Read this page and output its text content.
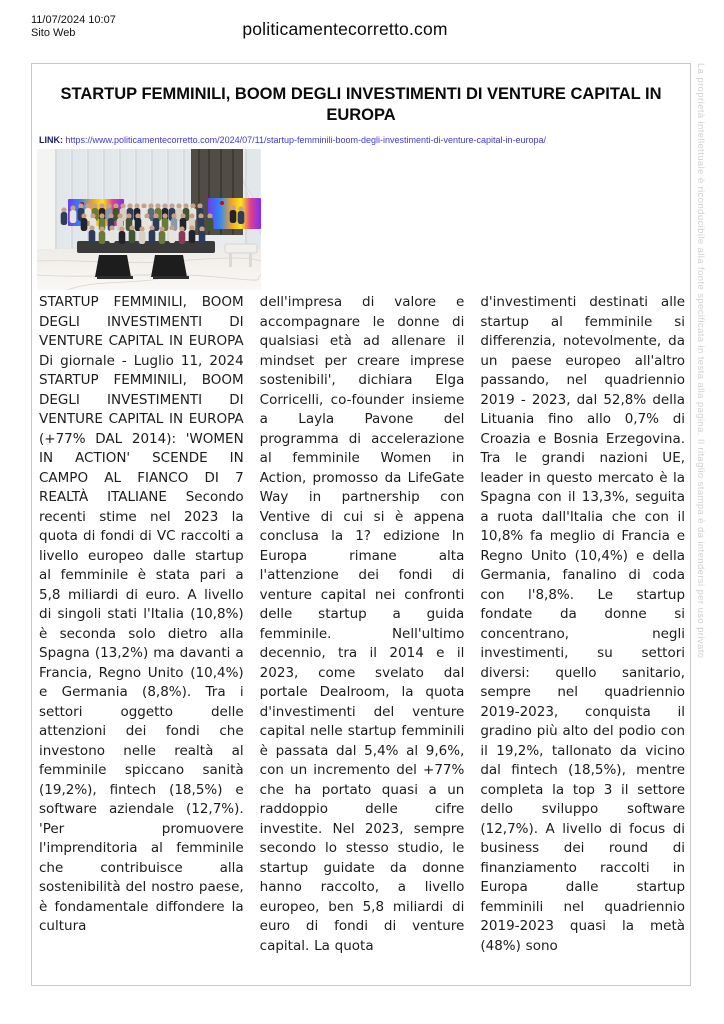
11/07/2024 10:07
Sito Web	politicamentecorretto.com
STARTUP FEMMINILI, BOOM DEGLI INVESTIMENTI DI VENTURE CAPITAL IN EUROPA
LINK: https://www.politicamentecorretto.com/2024/07/11/startup-femminili-boom-degli-investimenti-di-venture-capital-in-europa/
STARTUP FEMMINILI, BOOM DEGLI INVESTIMENTI DI VENTURE CAPITAL IN EUROPA Di giornale - Luglio 11, 2024 STARTUP FEMMINILI, BOOM DEGLI INVESTIMENTI DI VENTURE CAPITAL IN EUROPA (+77% DAL 2014): 'WOMEN IN ACTION' SCENDE IN CAMPO AL FIANCO DI 7 REALTÀ ITALIANE Secondo recenti stime nel 2023 la quota di fondi di VC raccolti a livello europeo dalle startup al femminile è stata pari a 5,8 miliardi di euro. A livello di singoli stati l'Italia (10,8%) è seconda solo dietro alla Spagna (13,2%) ma davanti a Francia, Regno Unito (10,4%) e Germania (8,8%). Tra i settori oggetto delle attenzioni dei fondi che investono nelle realtà al femminile spiccano sanità (19,2%), fintech (18,5%) e software aziendale (12,7%). 'Per promuovere l'imprenditoria al femminile che contribuisce alla sostenibilità del nostro paese, è fondamentale diffondere la cultura
dell'impresa di valore e accompagnare le donne di qualsiasi età ad allenare il mindset per creare imprese sostenibili', dichiara Elga Corricelli, co-founder insieme a Layla Pavone del programma di accelerazione al femminile Women in Action, promosso da LifeGate Way in partnership con Ventive di cui si è appena conclusa la 1? edizione In Europa rimane alta l'attenzione dei fondi di venture capital nei confronti delle startup a guida femminile. Nell'ultimo decennio, tra il 2014 e il 2023, come svelato dal portale Dealroom, la quota d'investimenti del venture capital nelle startup femminili è passata dal 5,4% al 9,6%, con un incremento del +77% che ha portato quasi a un raddoppio delle cifre investite. Nel 2023, sempre secondo lo stesso studio, le startup guidate da donne hanno raccolto, a livello europeo, ben 5,8 miliardi di euro di fondi di venture capital. La quota
d'investimenti destinati alle startup al femminile si differenzia, notevolmente, da un paese europeo all'altro passando, nel quadriennio 2019 - 2023, dal 52,8% della Lituania fino allo 0,7% di Croazia e Bosnia Erzegovina. Tra le grandi nazioni UE, leader in questo mercato è la Spagna con il 13,3%, seguita a ruota dall'Italia che con il 10,8% fa meglio di Francia e Regno Unito (10,4%) e della Germania, fanalino di coda con l'8,8%. Le startup fondate da donne si concentrano, negli investimenti, su settori diversi: quello sanitario, sempre nel quadriennio 2019-2023, conquista il gradino più alto del podio con il 19,2%, tallonato da vicino dal fintech (18,5%), mentre completa la top 3 il settore dello sviluppo software (12,7%). A livello di focus di business dei round di finanziamento raccolti in Europa dalle startup femminili nel quadriennio 2019-2023 quasi la metà (48%) sono
La proprietà intellettuale è riconducibile alla fonte specificata in testa alla pagina. Il ritaglio stampa è da intendersi per uso privato
